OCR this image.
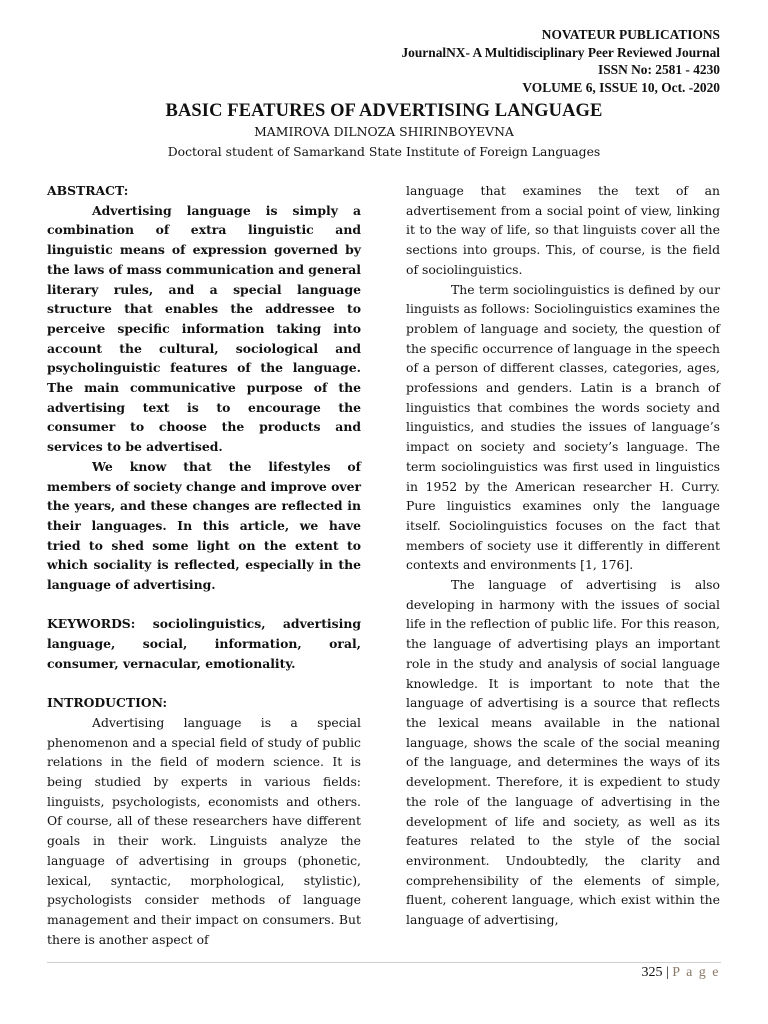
NOVATEUR PUBLICATIONS
JournalNX- A Multidisciplinary Peer Reviewed Journal
ISSN No: 2581 - 4230
VOLUME 6, ISSUE 10, Oct. -2020
BASIC FEATURES OF ADVERTISING LANGUAGE
MAMIROVA DILNOZA SHIRINBOYEVNA
Doctoral student of Samarkand State Institute of Foreign Languages

ABSTRACT:

Advertising language is simply a combination of extra linguistic and linguistic means of expression governed by the laws of mass communication and general literary rules, and a special language structure that enables the addressee to perceive specific information taking into account the cultural, sociological and psycholinguistic features of the language. The main communicative purpose of the advertising text is to encourage the consumer to choose the products and services to be advertised.

We know that the lifestyles of members of society change and improve over the years, and these changes are reflected in their languages. In this article, we have tried to shed some light on the extent to which sociality is reflected, especially in the language of advertising.

KEYWORDS: sociolinguistics, advertising language, social, information, oral, consumer, vernacular, emotionality.

INTRODUCTION:

Advertising language is a special phenomenon and a special field of study of public relations in the field of modern science. It is being studied by experts in various fields: linguists, psychologists, economists and others. Of course, all of these researchers have different goals in their work. Linguists analyze the language of advertising in groups (phonetic, lexical, syntactic, morphological, stylistic), psychologists consider methods of language management and their impact on consumers. But there is another aspect of

language that examines the text of an advertisement from a social point of view, linking it to the way of life, so that linguists cover all the sections into groups. This, of course, is the field of sociolinguistics.

The term sociolinguistics is defined by our linguists as follows: Sociolinguistics examines the problem of language and society, the question of the specific occurrence of language in the speech of a person of different classes, categories, ages, professions and genders. Latin is a branch of linguistics that combines the words society and linguistics, and studies the issues of language’s impact on society and society’s language. The term sociolinguistics was first used in linguistics in 1952 by the American researcher H. Curry. Pure linguistics examines only the language itself. Sociolinguistics focuses on the fact that members of society use it differently in different contexts and environments [1, 176].

The language of advertising is also developing in harmony with the issues of social life in the reflection of public life. For this reason, the language of advertising plays an important role in the study and analysis of social language knowledge. It is important to note that the language of advertising is a source that reflects the lexical means available in the national language, shows the scale of the social meaning of the language, and determines the ways of its development. Therefore, it is expedient to study the role of the language of advertising in the development of life and society, as well as its features related to the style of the social environment. Undoubtedly, the clarity and comprehensibility of the elements of simple, fluent, coherent language, which exist within the language of advertising,

325 | P a g e
